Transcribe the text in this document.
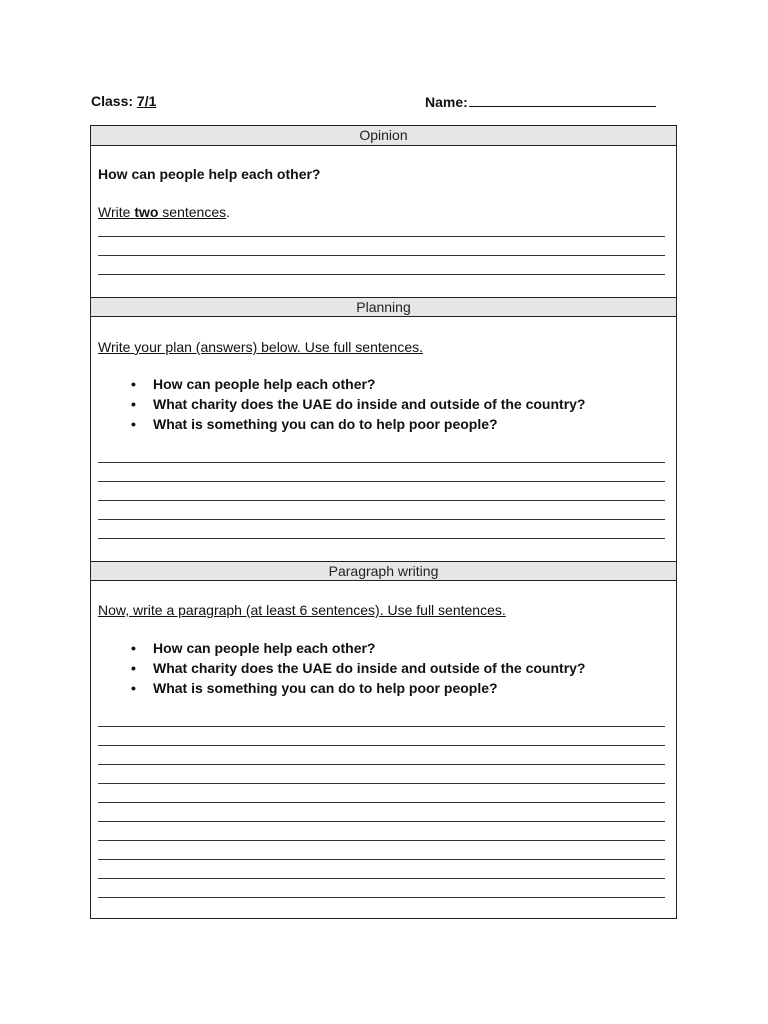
Class: 7/1	Name:
Opinion
How can people help each other?
Write two sentences.
Planning
Write your plan (answers) below. Use full sentences.
• How can people help each other?
• What charity does the UAE do inside and outside of the country?
• What is something you can do to help poor people?
Paragraph writing
Now, write a paragraph (at least 6 sentences). Use full sentences.
• How can people help each other?
• What charity does the UAE do inside and outside of the country?
• What is something you can do to help poor people?
